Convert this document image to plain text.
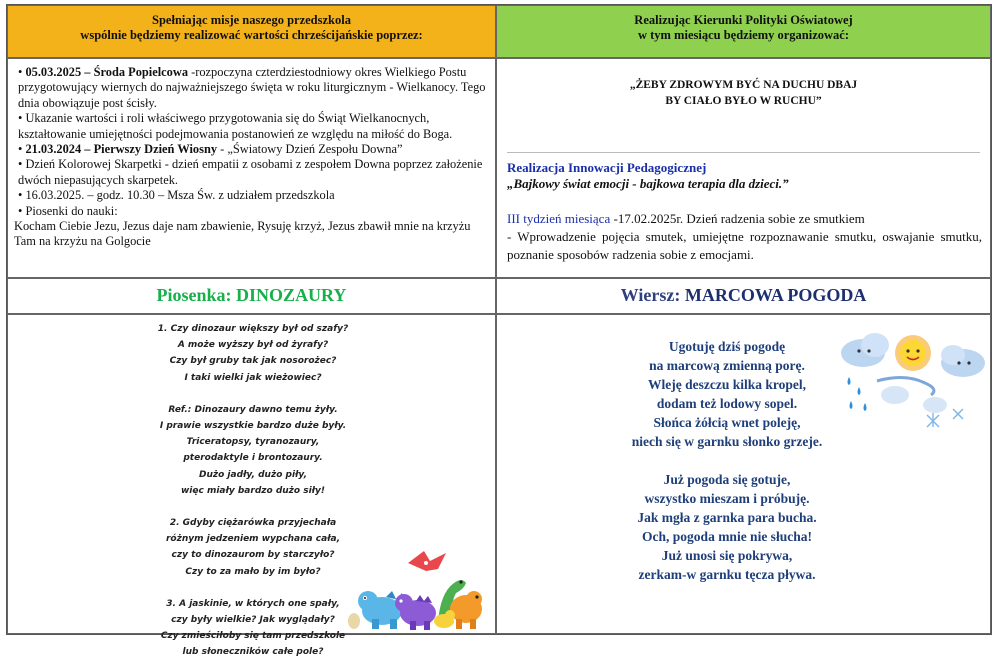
Spełniając misje naszego przedszkola
wspólnie będziemy realizować wartości chrześcijańskie poprzez:
Realizując Kierunki Polityki Oświatowej
w tym miesiącu będziemy organizować:

• 05.03.2025 – Środa Popielcowa -rozpoczyna czterdziestodniowy okres Wielkiego Postu przygotowujący wiernych do najważniejszego święta w roku liturgicznym - Wielkanocy. Tego dnia obowiązuje post ścisły.

• Ukazanie wartości i roli właściwego przygotowania się do Świąt Wielkanocnych, kształtowanie umiejętności podejmowania postanowień ze względu na miłość do Boga.

• 21.03.2024 – Pierwszy Dzień Wiosny - „Światowy Dzień Zespołu Downa”

• Dzień Kolorowej Skarpetki - dzień empatii z osobami z zespołem Downa poprzez założenie dwóch niepasujących skarpetek.

• 16.03.2025. – godz. 10.30 – Msza Św. z udziałem przedszkola

• Piosenki do nauki:

Kocham Ciebie Jezu, Jezus daje nam zbawienie, Rysuję krzyż, Jezus zbawił mnie na krzyżu Tam na krzyżu na Golgocie

„ŻEBY ZDROWYM BYĆ NA DUCHU DBAJ
BY CIAŁO BYŁO W RUCHU”
Realizacja Innowacji Pedagogicznej
„Bajkowy świat emocji - bajkowa terapia dla dzieci.”
III tydzień miesiąca -17.02.2025r. Dzień radzenia sobie ze smutkiem
- Wprowadzenie pojęcia smutek, umiejętne rozpoznawanie smutku, oswajanie smutku, poznanie sposobów radzenia sobie z emocjami.
Piosenka: DINOZAURY	Wiersz: MARCOWA POGODA

1. Czy dinozaur większy był od szafy?

A może wyższy był od żyrafy?

Czy był gruby tak jak nosorożec?

I taki wielki jak wieżowiec?

Ref.: Dinozaury dawno temu żyły.

I prawie wszystkie bardzo duże były.

Triceratopsy, tyranozaury,

pterodaktyle i brontozaury.

Dużo jadły, dużo piły,

więc miały bardzo dużo siły!

2. Gdyby ciężarówka przyjechała

różnym jedzeniem wypchana cała,

czy to dinozaurom by starczyło?

Czy to za mało by im było?

3. A jaskinie, w których one spały,

czy były wielkie? Jak wyglądały?

Czy zmieściłoby się tam przedszkole

lub słoneczników całe pole?

Ugotuję dziś pogodę

na marcową zmienną porę.

Wleję deszczu kilka kropel,

dodam też lodowy sopel.

Słońca żółcią wnet poleję,

niech się w garnku słonko grzeje.

Już pogoda się gotuje,

wszystko mieszam i próbuję.

Jak mgła z garnka para bucha.

Och, pogoda mnie nie słucha!

Już unosi się pokrywa,

zerkam-w garnku tęcza pływa.
